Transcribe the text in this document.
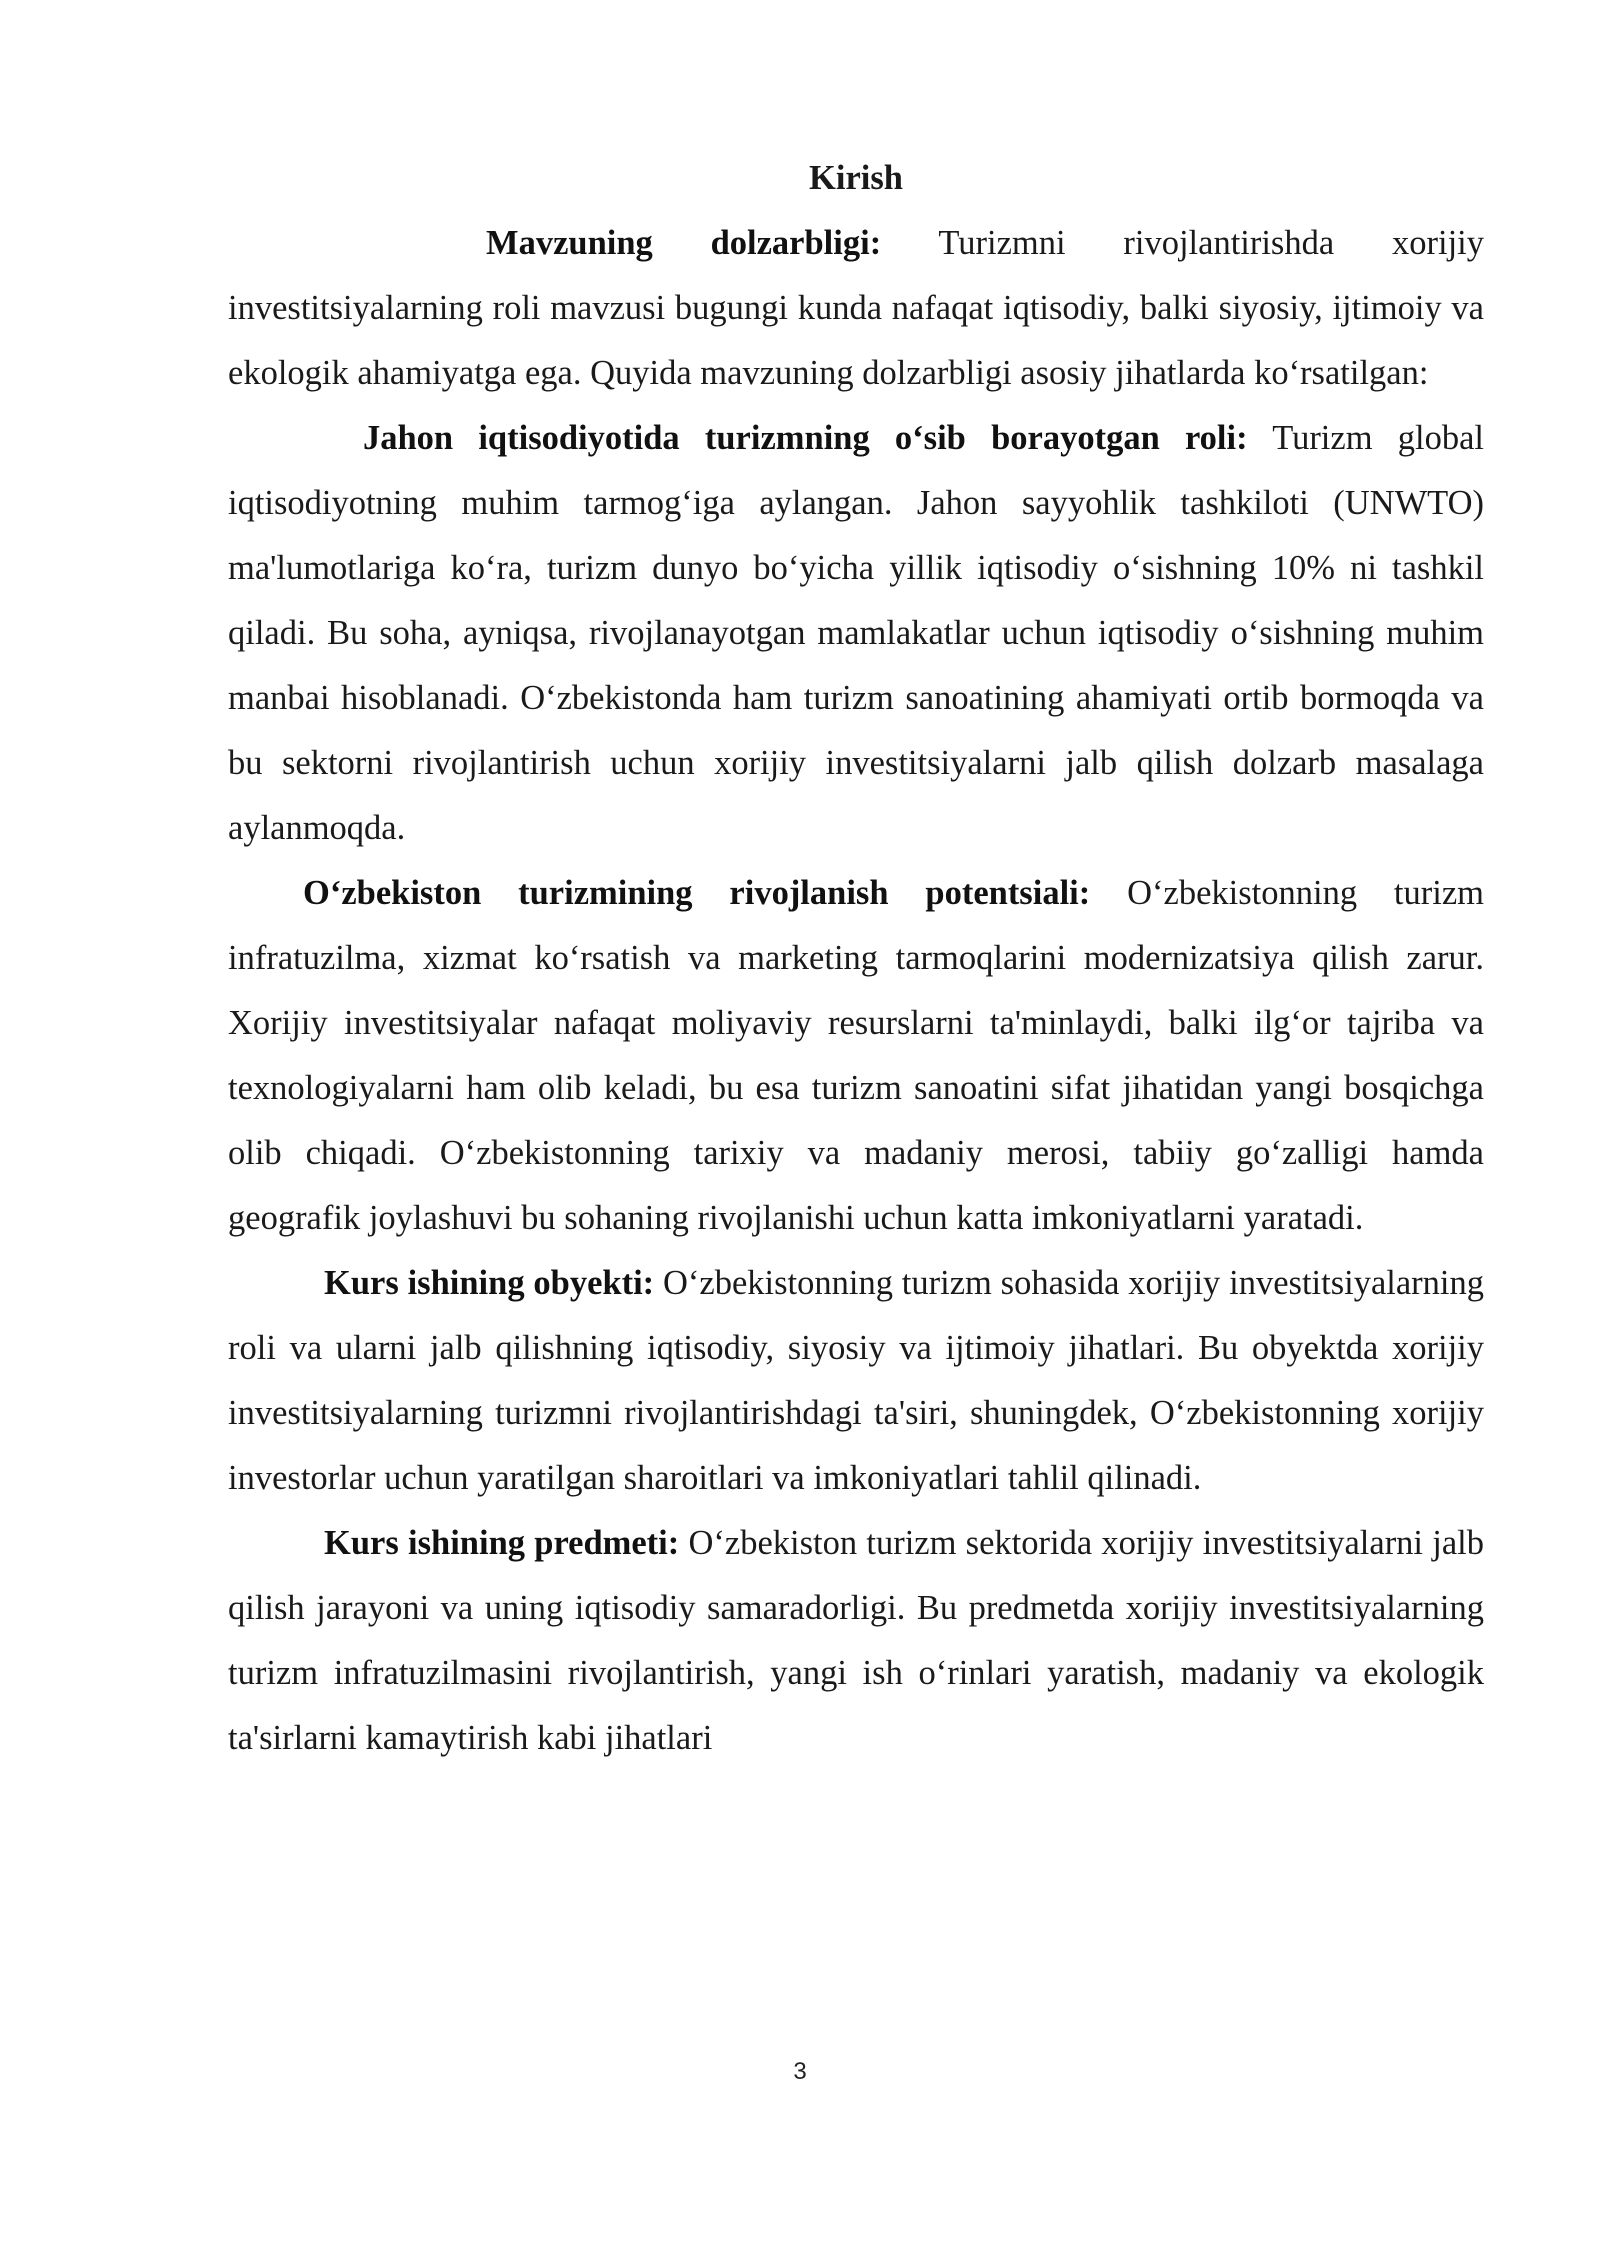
Kirish

Mavzuning dolzarbligi: Turizmni rivojlantirishda xorijiy investitsiyalarning roli mavzusi bugungi kunda nafaqat iqtisodiy, balki siyosiy, ijtimoiy va ekologik ahamiyatga ega. Quyida mavzuning dolzarbligi asosiy jihatlarda ko‘rsatilgan:

Jahon iqtisodiyotida turizmning o‘sib borayotgan roli: Turizm global iqtisodiyotning muhim tarmog‘iga aylangan. Jahon sayyohlik tashkiloti (UNWTO) ma'lumotlariga ko‘ra, turizm dunyo bo‘yicha yillik iqtisodiy o‘sishning 10% ni tashkil qiladi. Bu soha, ayniqsa, rivojlanayotgan mamlakatlar uchun iqtisodiy o‘sishning muhim manbai hisoblanadi. O‘zbekistonda ham turizm sanoatining ahamiyati ortib bormoqda va bu sektorni rivojlantirish uchun xorijiy investitsiyalarni jalb qilish dolzarb masalaga aylanmoqda.

O‘zbekiston turizmining rivojlanish potentsiali: O‘zbekistonning turizm infratuzilma, xizmat ko‘rsatish va marketing tarmoqlarini modernizatsiya qilish zarur. Xorijiy investitsiyalar nafaqat moliyaviy resurslarni ta'minlaydi, balki ilg‘or tajriba va texnologiyalarni ham olib keladi, bu esa turizm sanoatini sifat jihatidan yangi bosqichga olib chiqadi. O‘zbekistonning tarixiy va madaniy merosi, tabiiy go‘zalligi hamda geografik joylashuvi bu sohaning rivojlanishi uchun katta imkoniyatlarni yaratadi.

Kurs ishining obyekti: O‘zbekistonning turizm sohasida xorijiy investitsiyalarning roli va ularni jalb qilishning iqtisodiy, siyosiy va ijtimoiy jihatlari. Bu obyektda xorijiy investitsiyalarning turizmni rivojlantirishdagi ta'siri, shuningdek, O‘zbekistonning xorijiy investorlar uchun yaratilgan sharoitlari va imkoniyatlari tahlil qilinadi.

Kurs ishining predmeti: O‘zbekiston turizm sektorida xorijiy investitsiyalarni jalb qilish jarayoni va uning iqtisodiy samaradorligi. Bu predmetda xorijiy investitsiyalarning turizm infratuzilmasini rivojlantirish, yangi ish o‘rinlari yaratish, madaniy va ekologik ta'sirlarni kamaytirish kabi jihatlari

3
